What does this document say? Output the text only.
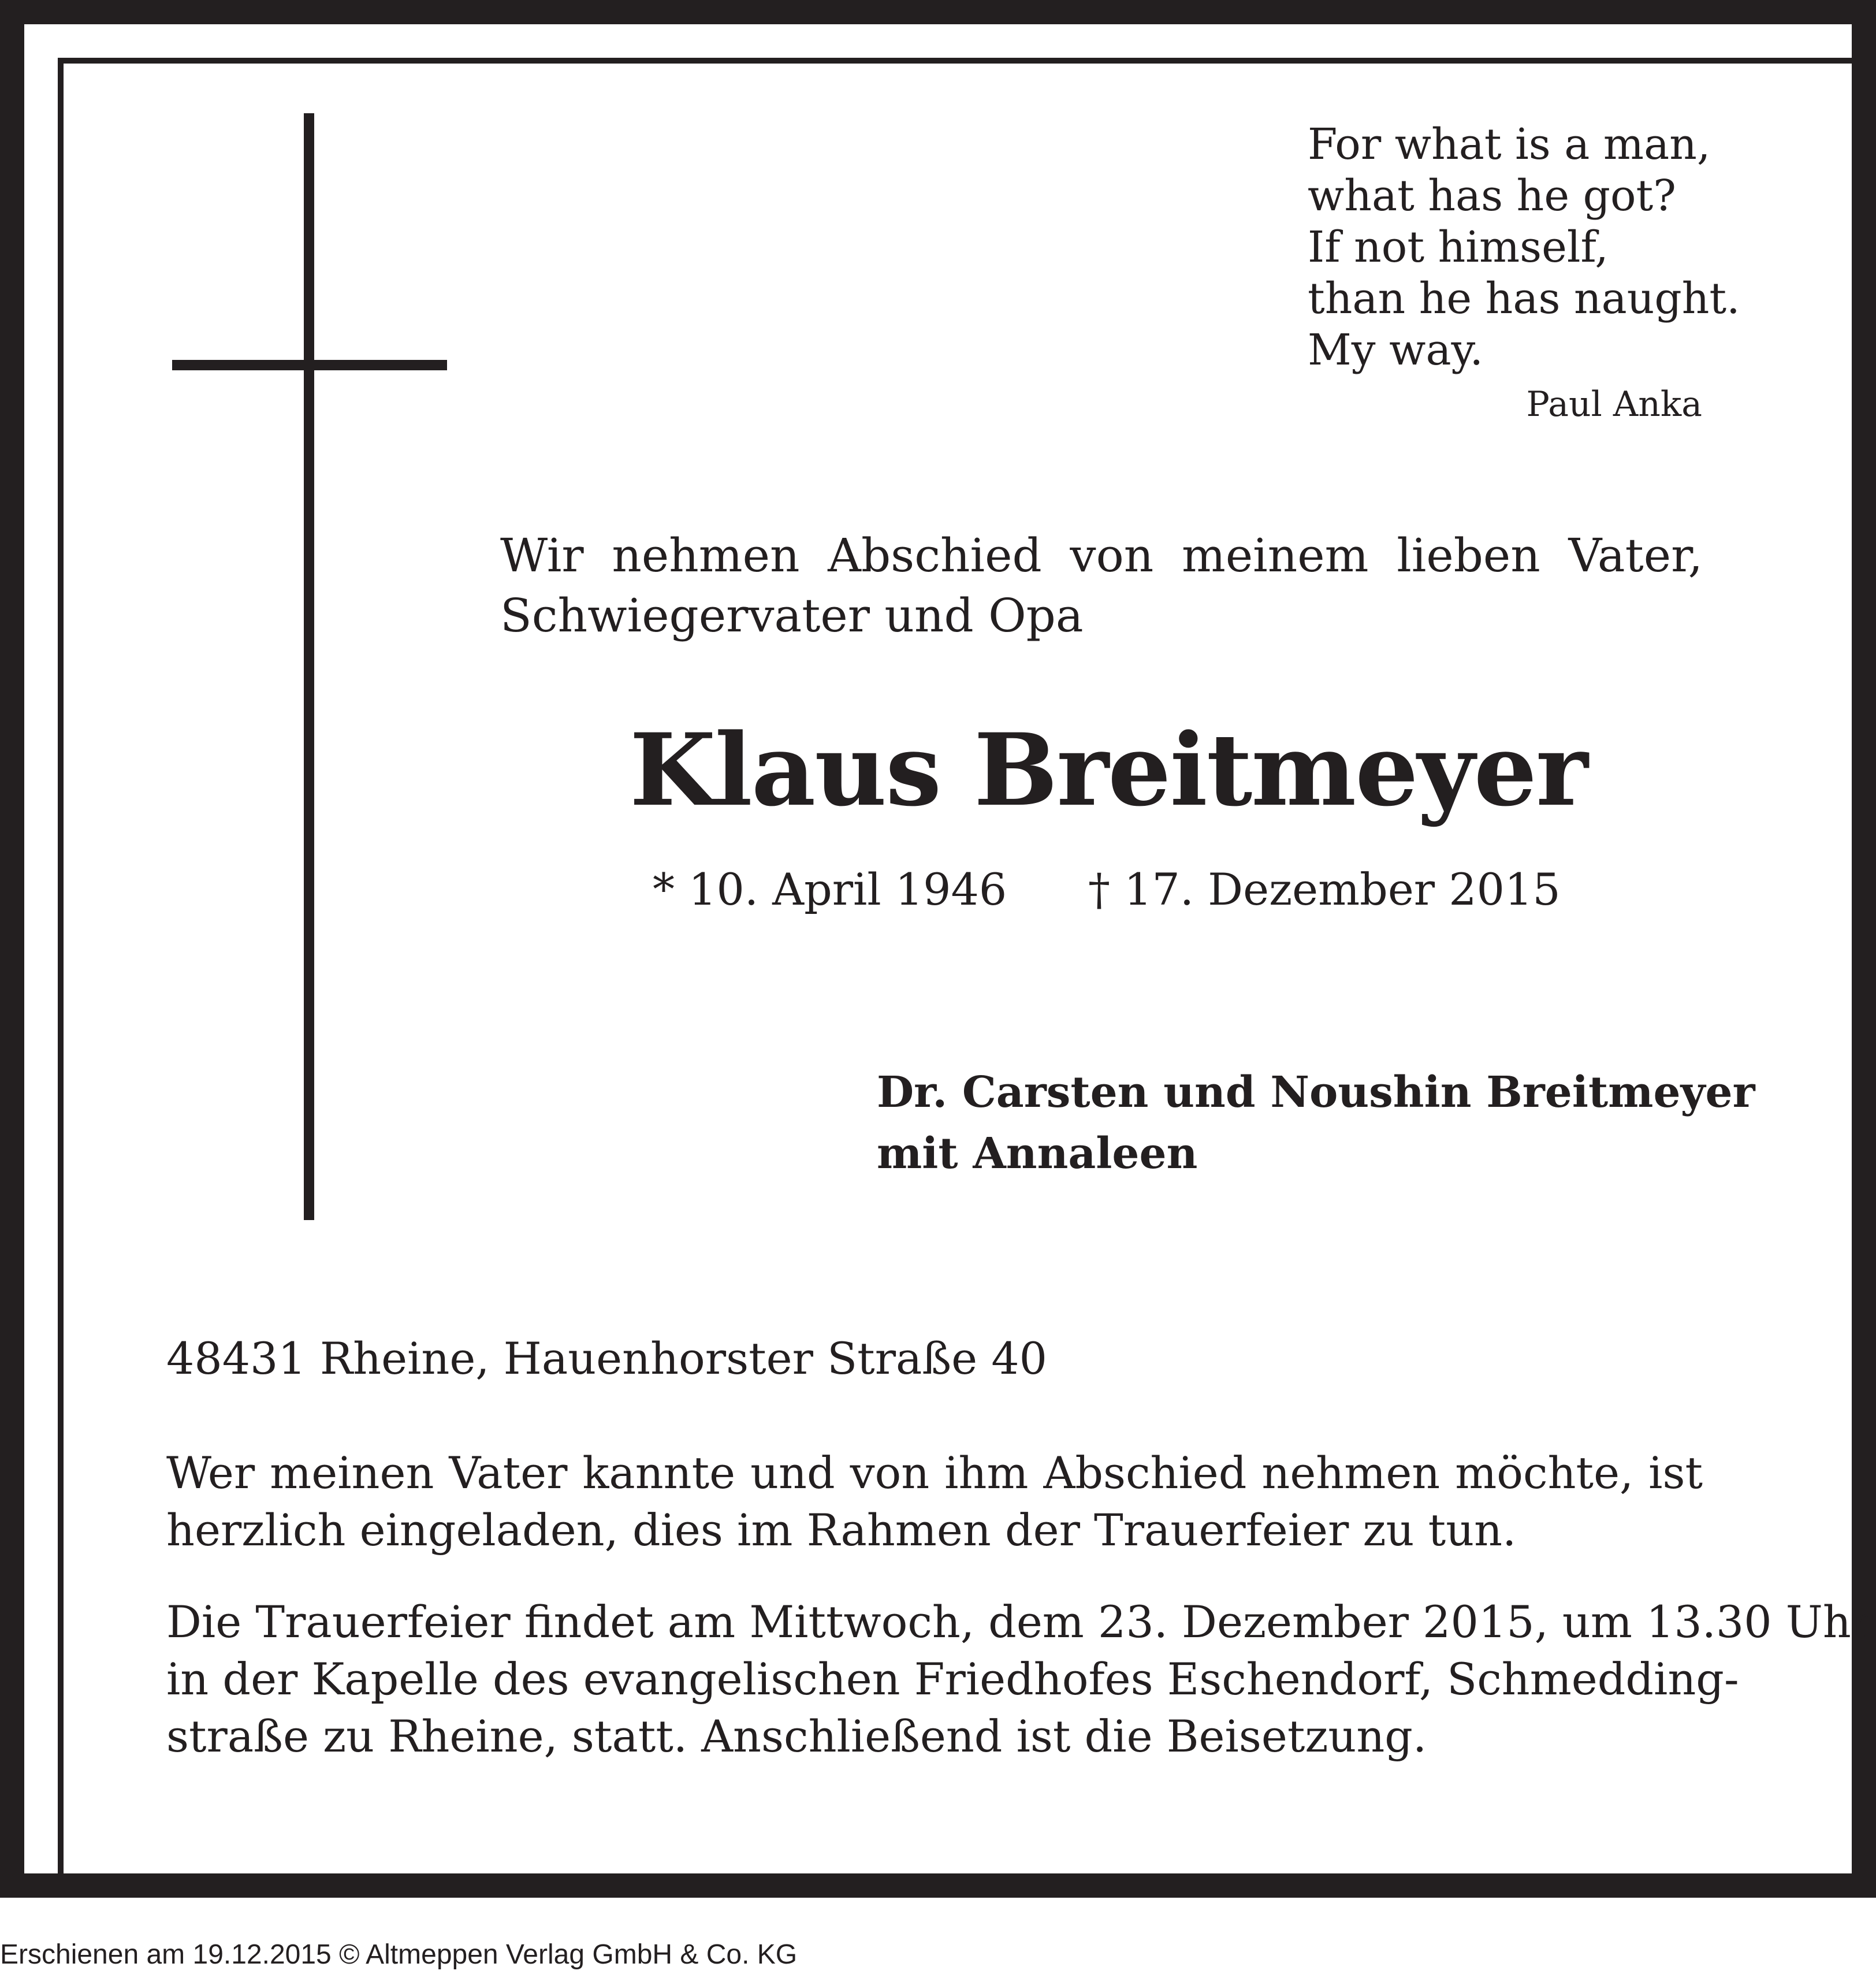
For what is a man,
what has he got?
If not himself,
than he has naught.
My way.
Paul Anka
Wir nehmen Abschied von meinem lieben Vater,
Schwiegervater und Opa
Klaus Breitmeyer
* 10. April 1946 † 17. Dezember 2015
Dr. Carsten und Noushin Breitmeyer
mit Annaleen
48431 Rheine, Hauenhorster Straße 40
Wer meinen Vater kannte und von ihm Abschied nehmen möchte, ist
herzlich eingeladen, dies im Rahmen der Trauerfeier zu tun.
Die Trauerfeier findet am Mittwoch, dem 23. Dezember 2015, um 13.30 Uhr
in der Kapelle des evangelischen Friedhofes Eschendorf, Schmedding-
straße zu Rheine, statt. Anschließend ist die Beisetzung.
Erschienen am 19.12.2015 © Altmeppen Verlag GmbH & Co. KG
